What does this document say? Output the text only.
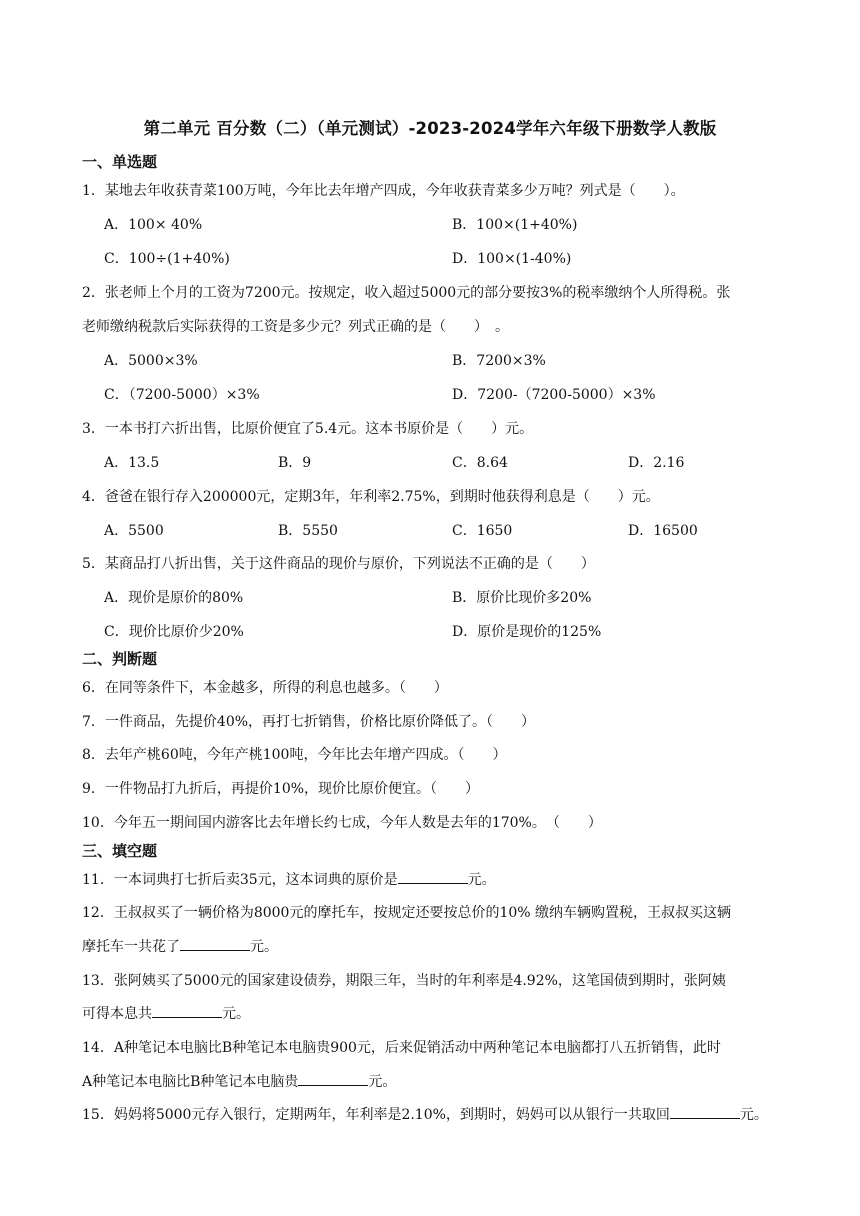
第二单元 百分数（二）（单元测试）-2023-2024学年六年级下册数学人教版
一、单选题
1．某地去年收获青菜100万吨，今年比去年增产四成，今年收获青菜多少万吨？列式是（　　）。
A．100× 40%	B．100×(1+40%)
C．100÷(1+40%)	D．100×(1-40%)
2．张老师上个月的工资为7200元。按规定，收入超过5000元的部分要按3%的税率缴纳个人所得税。张
老师缴纳税款后实际获得的工资是多少元？列式正确的是（　　）　。
A．5000×3%	B．7200×3%
C．（7200-5000）×3%	D．7200-（7200-5000）×3%
3．一本书打六折出售，比原价便宜了5.4元。这本书原价是（　　）元。
A．13.5	B．9	C．8.64	D．2.16
4．爸爸在银行存入200000元，定期3年，年利率2.75%，到期时他获得利息是（　　）元。
A．5500	B．5550	C．1650	D．16500
5．某商品打八折出售，关于这件商品的现价与原价，下列说法不正确的是（　　）
A．现价是原价的80%	B．原价比现价多20%
C．现价比原价少20%	D．原价是现价的125%
二、判断题
6．在同等条件下，本金越多，所得的利息也越多。（　　）
7．一件商品，先提价40%，再打七折销售，价格比原价降低了。（　　）
8．去年产桃60吨，今年产桃100吨，今年比去年增产四成。（　　）
9．一件物品打九折后，再提价10%，现价比原价便宜。（　　）
10．今年五一期间国内游客比去年增长约七成，今年人数是去年的170%。　（　　）
三、填空题
11．一本词典打七折后卖35元，这本词典的原价是	元。
12．王叔叔买了一辆价格为8000元的摩托车，按规定还要按总价的10% 缴纳车辆购置税，王叔叔买这辆
摩托车一共花了	元。
13．张阿姨买了5000元的国家建设债券，期限三年，当时的年利率是4.92%，这笔国债到期时，张阿姨
可得本息共	元。
14．A种笔记本电脑比B种笔记本电脑贵900元，后来促销活动中两种笔记本电脑都打八五折销售，此时
A种笔记本电脑比B种笔记本电脑贵	元。
15．妈妈将5000元存入银行，定期两年，年利率是2.10%，到期时，妈妈可以从银行一共取回	元。
